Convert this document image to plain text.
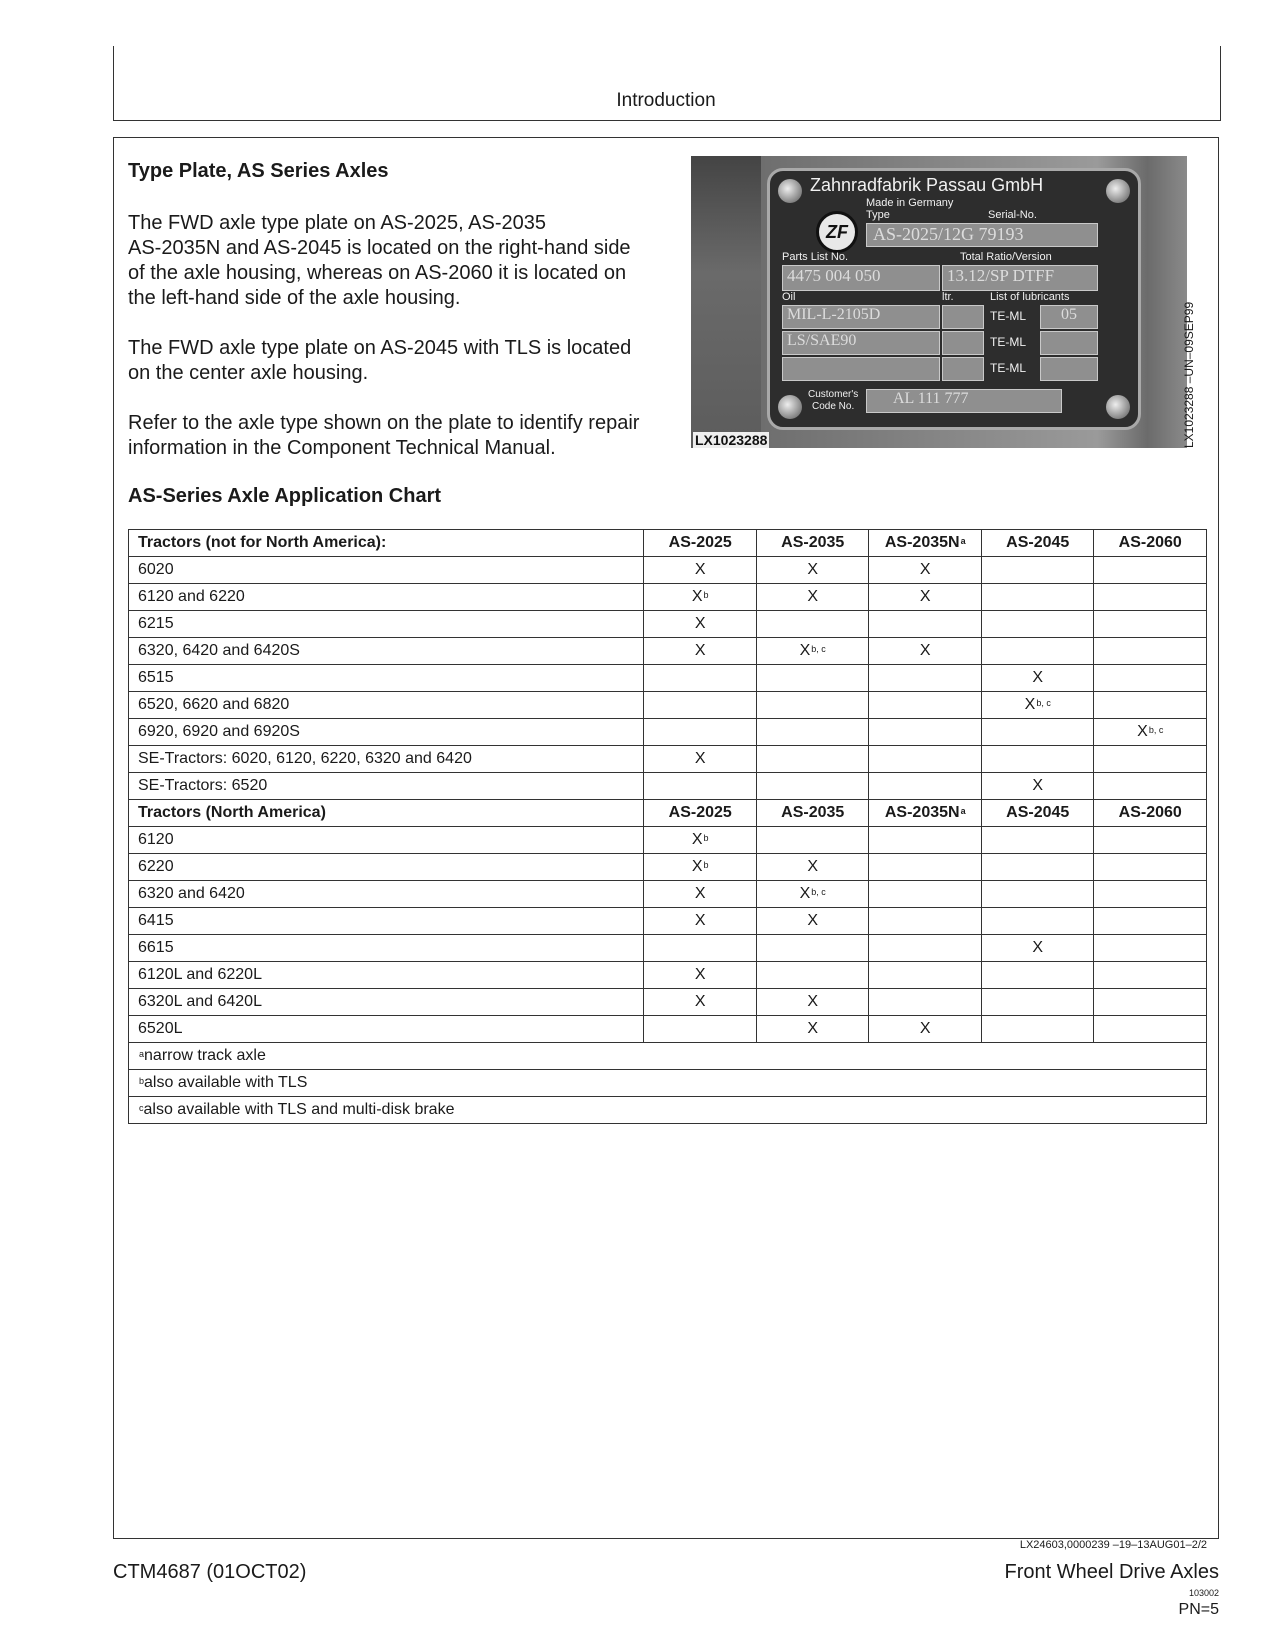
Introduction
Type Plate, AS Series Axles

The FWD axle type plate on AS-2025, AS-2035
AS-2035N and AS-2045 is located on the right-hand side
of the axle housing, whereas on AS-2060 it is located on
the left-hand side of the axle housing.

The FWD axle type plate on AS-2045 with TLS is located
on the center axle housing.

Refer to the axle type shown on the plate to identify repair
information in the Component Technical Manual.

Zahnradfabrik Passau GmbH
ZF
Made in Germany
Type	Serial-No.
AS-2025/12G 79193
Parts List No.	Total Ratio/Version
4475 004 050	13.12/SP DTFF
Oil	ltr.	List of lubricants
MIL-L-2105D
LS/SAE90
TE-ML
TE-ML
TE-ML
05
Customer's
Code No.	AL 111 777
LX1023288	LX1023288 –UN–09SEP99
AS-Series Axle Application Chart
Tractors (not for North America):	AS-2025	AS-2035	$AS-2035N^a$	AS-2045	AS-2060
6020	X	X	X		
6120 and 6220	$X^b$	X	X		
6215	X				
6320, 6420 and 6420S	X	X$^{b, c}$	X		
6515				X	
6520, 6620 and 6820				X$^{b, c}$	
6920, 6920 and 6920S					X$^{b, c}$
SE-Tractors: 6020, 6120, 6220, 6320 and 6420	X				
SE-Tractors: 6520				X	
Tractors (North America)	AS-2025	AS-2035	$AS-2035N^a$	AS-2045	AS-2060
6120	$X^b$				
6220	$X^b$	X			
6320 and 6420	X	X$^{b, c}$			
6415	X	X			
6615				X	
6120L and 6220L	X				
6320L and 6420L	X	X			
6520L		X	X		
$^a$narrow track axle					
$^b$also available with TLS					
$^c$also available with TLS and multi-disk brake					
LX24603,0000239 –19–13AUG01–2/2
CTM4687 (01OCT02)	Front Wheel Drive Axles
103002
PN=5
